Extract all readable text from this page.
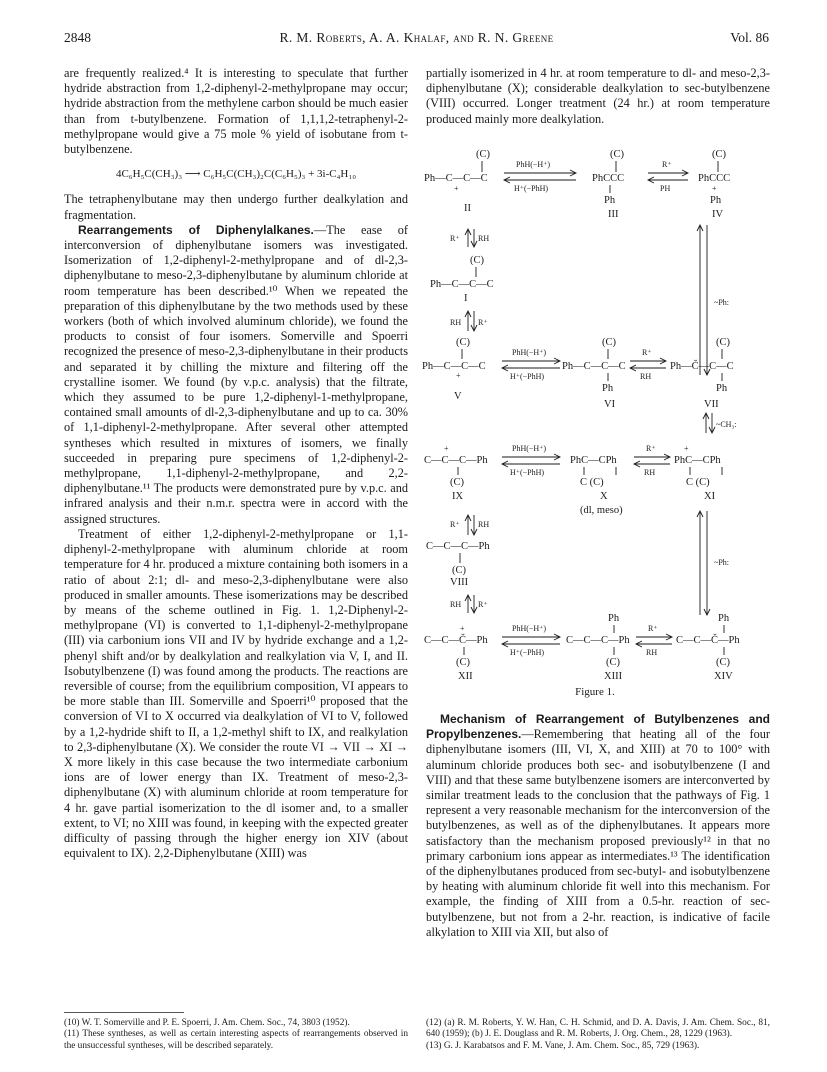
2848	R. M. Roberts, A. A. Khalaf, and R. N. Greene	Vol. 86

are frequently realized.⁴ It is interesting to speculate that further hydride abstraction from 1,2-diphenyl-2-methylpropane may occur; hydride abstraction from the methylene carbon should be much easier than from t-butylbenzene. Formation of 1,1,1,2-tetraphenyl-2-methylpropane would give a 75 mole % yield of isobutane from t-butylbenzene.

4C₆H₅C(CH₃)₃ ⟶ C₆H₅C(CH₃)₂C(C₆H₅)₃ + 3i-C₄H₁₀

The tetraphenylbutane may then undergo further dealkylation and fragmentation.

Rearrangements of Diphenylalkanes.—The ease of interconversion of diphenylbutane isomers was investigated. Isomerization of 1,2-diphenyl-2-methylpropane and of dl-2,3-diphenylbutane to meso-2,3-diphenylbutane by aluminum chloride at room temperature has been described.¹⁰ When we repeated the preparation of this diphenylbutane by the two methods used by these workers (both of which involved aluminum chloride), we found the products to consist of four isomers. Somerville and Spoerri recognized the presence of meso-2,3-diphenylbutane in their products and separated it by chilling the mixture and filtering off the crystalline isomer. We found (by v.p.c. analysis) that the filtrate, which they assumed to be pure 1,2-diphenyl-1-methylpropane, contained small amounts of dl-2,3-diphenylbutane and up to ca. 30% of 1,1-diphenyl-2-methylpropane. After several other attempted syntheses which resulted in mixtures of isomers, we finally succeeded in preparing pure specimens of 1,2-diphenyl-2-methylpropane, 1,1-diphenyl-2-methylpropane, and 2,2-diphenylbutane.¹¹ The products were demonstrated pure by v.p.c. and infrared analysis and their n.m.r. spectra were in accord with the assigned structures.

Treatment of either 1,2-diphenyl-2-methylpropane or 1,1-diphenyl-2-methylpropane with aluminum chloride at room temperature for 4 hr. produced a mixture containing both isomers in a ratio of about 2:1; dl- and meso-2,3-diphenylbutane were also produced in smaller amounts. These isomerizations may be described by means of the scheme outlined in Fig. 1. 1,2-Diphenyl-2-methylpropane (VI) is converted to 1,1-diphenyl-2-methylpropane (III) via carbonium ions VII and IV by hydride exchange and a 1,2-phenyl shift and/or by dealkylation and realkylation via V, I, and II. Isobutylbenzene (I) was found among the products. The reactions are reversible of course; from the equilibrium composition, VI appears to be more stable than III. Somerville and Spoerri¹⁰ proposed that the conversion of VI to X occurred via dealkylation of VI to V, followed by a 1,2-hydride shift to II, a 1,2-methyl shift to IX, and realkylation to 2,3-diphenylbutane (X). We consider the route VI → VII → XI → X more likely in this case because the two intermediate carbonium ions are of lower energy than IX. Treatment of meso-2,3-diphenylbutane (X) with aluminum chloride at room temperature for 4 hr. gave partial isomerization to the dl isomer and, to a smaller extent, to VI; no XIII was found, in keeping with the expected greater difficulty of passing through the higher energy ion XIV (about equivalent to IX). 2,2-Diphenylbutane (XIII) was

partially isomerized in 4 hr. at room temperature to dl- and meso-2,3-diphenylbutane (X); considerable dealkylation to sec-butylbenzene (VIII) occurred. Longer treatment (24 hr.) at room temperature produced mainly more dealkylation.

(C)
Ph—C—C—C
+
II
PhH(−H⁺)
H⁺(−PhH)
(C)
PhCCC
Ph
III
R⁺
PH
(C)
PhCCC
+
Ph
IV
R⁺ RH
(C)
Ph—C—C—C
I
RH R⁺
~Ph:
(C)
Ph—C—C—C
+
V
PhH(−H⁺)
H⁺(−PhH)
(C)
Ph—C—C—C
Ph
VI
R⁺
RH
(C)
Ph—Č—C—C
Ph
VII
~CH₃:
+
C—C—C—Ph
(C)
IX
PhH(−H⁺)
H⁺(−PhH)
PhC—CPh
C (C)
X
(dl, meso)
R⁺
RH
+
PhC—CPh
C (C)
XI
R⁺ RH
~Ph:
C—C—C—Ph
(C)
VIII
RH R⁺
+
C—C—Č—Ph
(C)
XII
PhH(−H⁺)
H⁺(−PhH)
Ph
C—C—C—Ph
(C)
XIII
R⁺
RH
Ph
C—C—Č—Ph
(C)
XIV
Figure 1.

Mechanism of Rearrangement of Butylbenzenes and Propylbenzenes.—Remembering that heating all of the four diphenylbutane isomers (III, VI, X, and XIII) at 70 to 100° with aluminum chloride produces both sec- and isobutylbenzene (I and VIII) and that these same butylbenzene isomers are interconverted by similar treatment leads to the conclusion that the pathways of Fig. 1 represent a very reasonable mechanism for the interconversion of the butylbenzenes, as well as of the diphenylbutanes. It appears more satisfactory than the mechanism proposed previously¹² in that no primary carbonium ions appear as intermediates.¹³ The identification of the diphenylbutanes produced from sec-butyl- and isobutylbenzene by heating with aluminum chloride fit well into this mechanism. For example, the finding of XIII from a 0.5-hr. reaction of sec-butylbenzene, but not from a 2-hr. reaction, is indicative of facile alkylation to XIII via XII, but also of

(10) W. T. Somerville and P. E. Spoerri, J. Am. Chem. Soc., 74, 3803 (1952).

(11) These syntheses, as well as certain interesting aspects of rearrangements observed in the unsuccessful syntheses, will be described separately.

(12) (a) R. M. Roberts, Y. W. Han, C. H. Schmid, and D. A. Davis, J. Am. Chem. Soc., 81, 640 (1959); (b) J. E. Douglass and R. M. Roberts, J. Org. Chem., 28, 1229 (1963).

(13) G. J. Karabatsos and F. M. Vane, J. Am. Chem. Soc., 85, 729 (1963).
